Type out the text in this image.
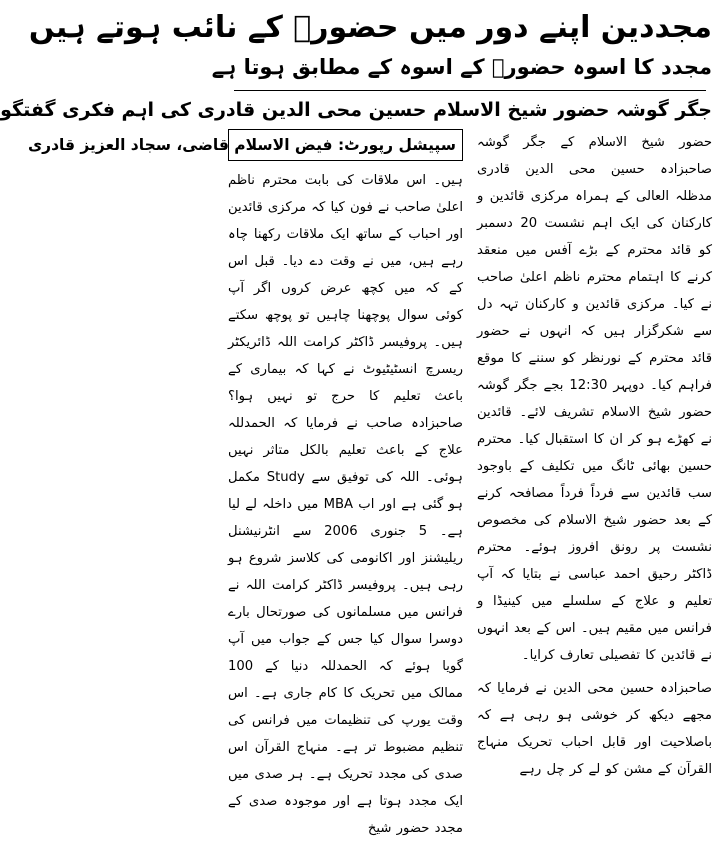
مجددین اپنے دور میں حضورؐ کے نائب ہوتے ہیں
مجدد کا اسوہ حضورؐ کے اسوہ کے مطابق ہوتا ہے
جگر گوشہ حضور شیخ الاسلام حسین محی الدین قادری کی اہم فکری گفتگو

حضور شیخ الاسلام کے جگر گوشہ صاحبزادہ حسین محی الدین قادری مدظلہ العالی کے ہمراہ مرکزی قائدین و کارکنان کی ایک اہم نشست 20 دسمبر کو قائد محترم کے بڑے آفس میں منعقد کرنے کا اہتمام محترم ناظم اعلیٰ صاحب نے کیا۔ مرکزی قائدین و کارکنان تہہ دل سے شکرگزار ہیں کہ انہوں نے حضور قائد محترم کے نورنظر کو سننے کا موقع فراہم کیا۔ دوپہر 12:30 بجے جگر گوشہ حضور شیخ الاسلام تشریف لائے۔ قائدین نے کھڑے ہو کر ان کا استقبال کیا۔ محترم حسین بھائی ٹانگ میں تکلیف کے باوجود سب قائدین سے فرداً فرداً مصافحہ کرنے کے بعد حضور شیخ الاسلام کی مخصوص نشست پر رونق افروز ہوئے۔ محترم ڈاکٹر رحیق احمد عباسی نے بتایا کہ آپ تعلیم و علاج کے سلسلے میں کینیڈا و فرانس میں مقیم ہیں۔ اس کے بعد انہوں نے قائدین کا تفصیلی تعارف کرایا۔

صاحبزادہ حسین محی الدین نے فرمایا کہ مجھے دیکھ کر خوشی ہو رہی ہے کہ باصلاحیت اور قابل احباب تحریک منہاج القرآن کے مشن کو لے کر چل رہے

سپیشل رپورٹ: فیض الاسلام قاضی، سجاد العزیز قادری

ہیں۔ اس ملاقات کی بابت محترم ناظم اعلیٰ صاحب نے فون کیا کہ مرکزی قائدین اور احباب کے ساتھ ایک ملاقات رکھنا چاہ رہے ہیں، میں نے وقت دے دیا۔ قبل اس کے کہ میں کچھ عرض کروں اگر آپ کوئی سوال پوچھنا چاہیں تو پوچھ سکتے ہیں۔ پروفیسر ڈاکٹر کرامت اللہ ڈائریکٹر ریسرچ انسٹیٹیوٹ نے کہا کہ بیماری کے باعث تعلیم کا حرج تو نہیں ہوا؟ صاحبزادہ صاحب نے فرمایا کہ الحمدللہ علاج کے باعث تعلیم بالکل متاثر نہیں ہوئی۔ اللہ کی توفیق سے Study مکمل ہو گئی ہے اور اب MBA میں داخلہ لے لیا ہے۔ 5 جنوری 2006 سے انٹرنیشنل ریلیشنز اور اکانومی کی کلاسز شروع ہو رہی ہیں۔ پروفیسر ڈاکٹر کرامت اللہ نے فرانس میں مسلمانوں کی صورتحال بارے دوسرا سوال کیا جس کے جواب میں آپ گویا ہوئے کہ الحمدللہ دنیا کے 100 ممالک میں تحریک کا کام جاری ہے۔ اس وقت یورپ کی تنظیمات میں فرانس کی تنظیم مضبوط تر ہے۔ منہاج القرآن اس صدی کی مجدد تحریک ہے۔ ہر صدی میں ایک مجدد ہوتا ہے اور موجودہ صدی کے مجدد حضور شیخ
